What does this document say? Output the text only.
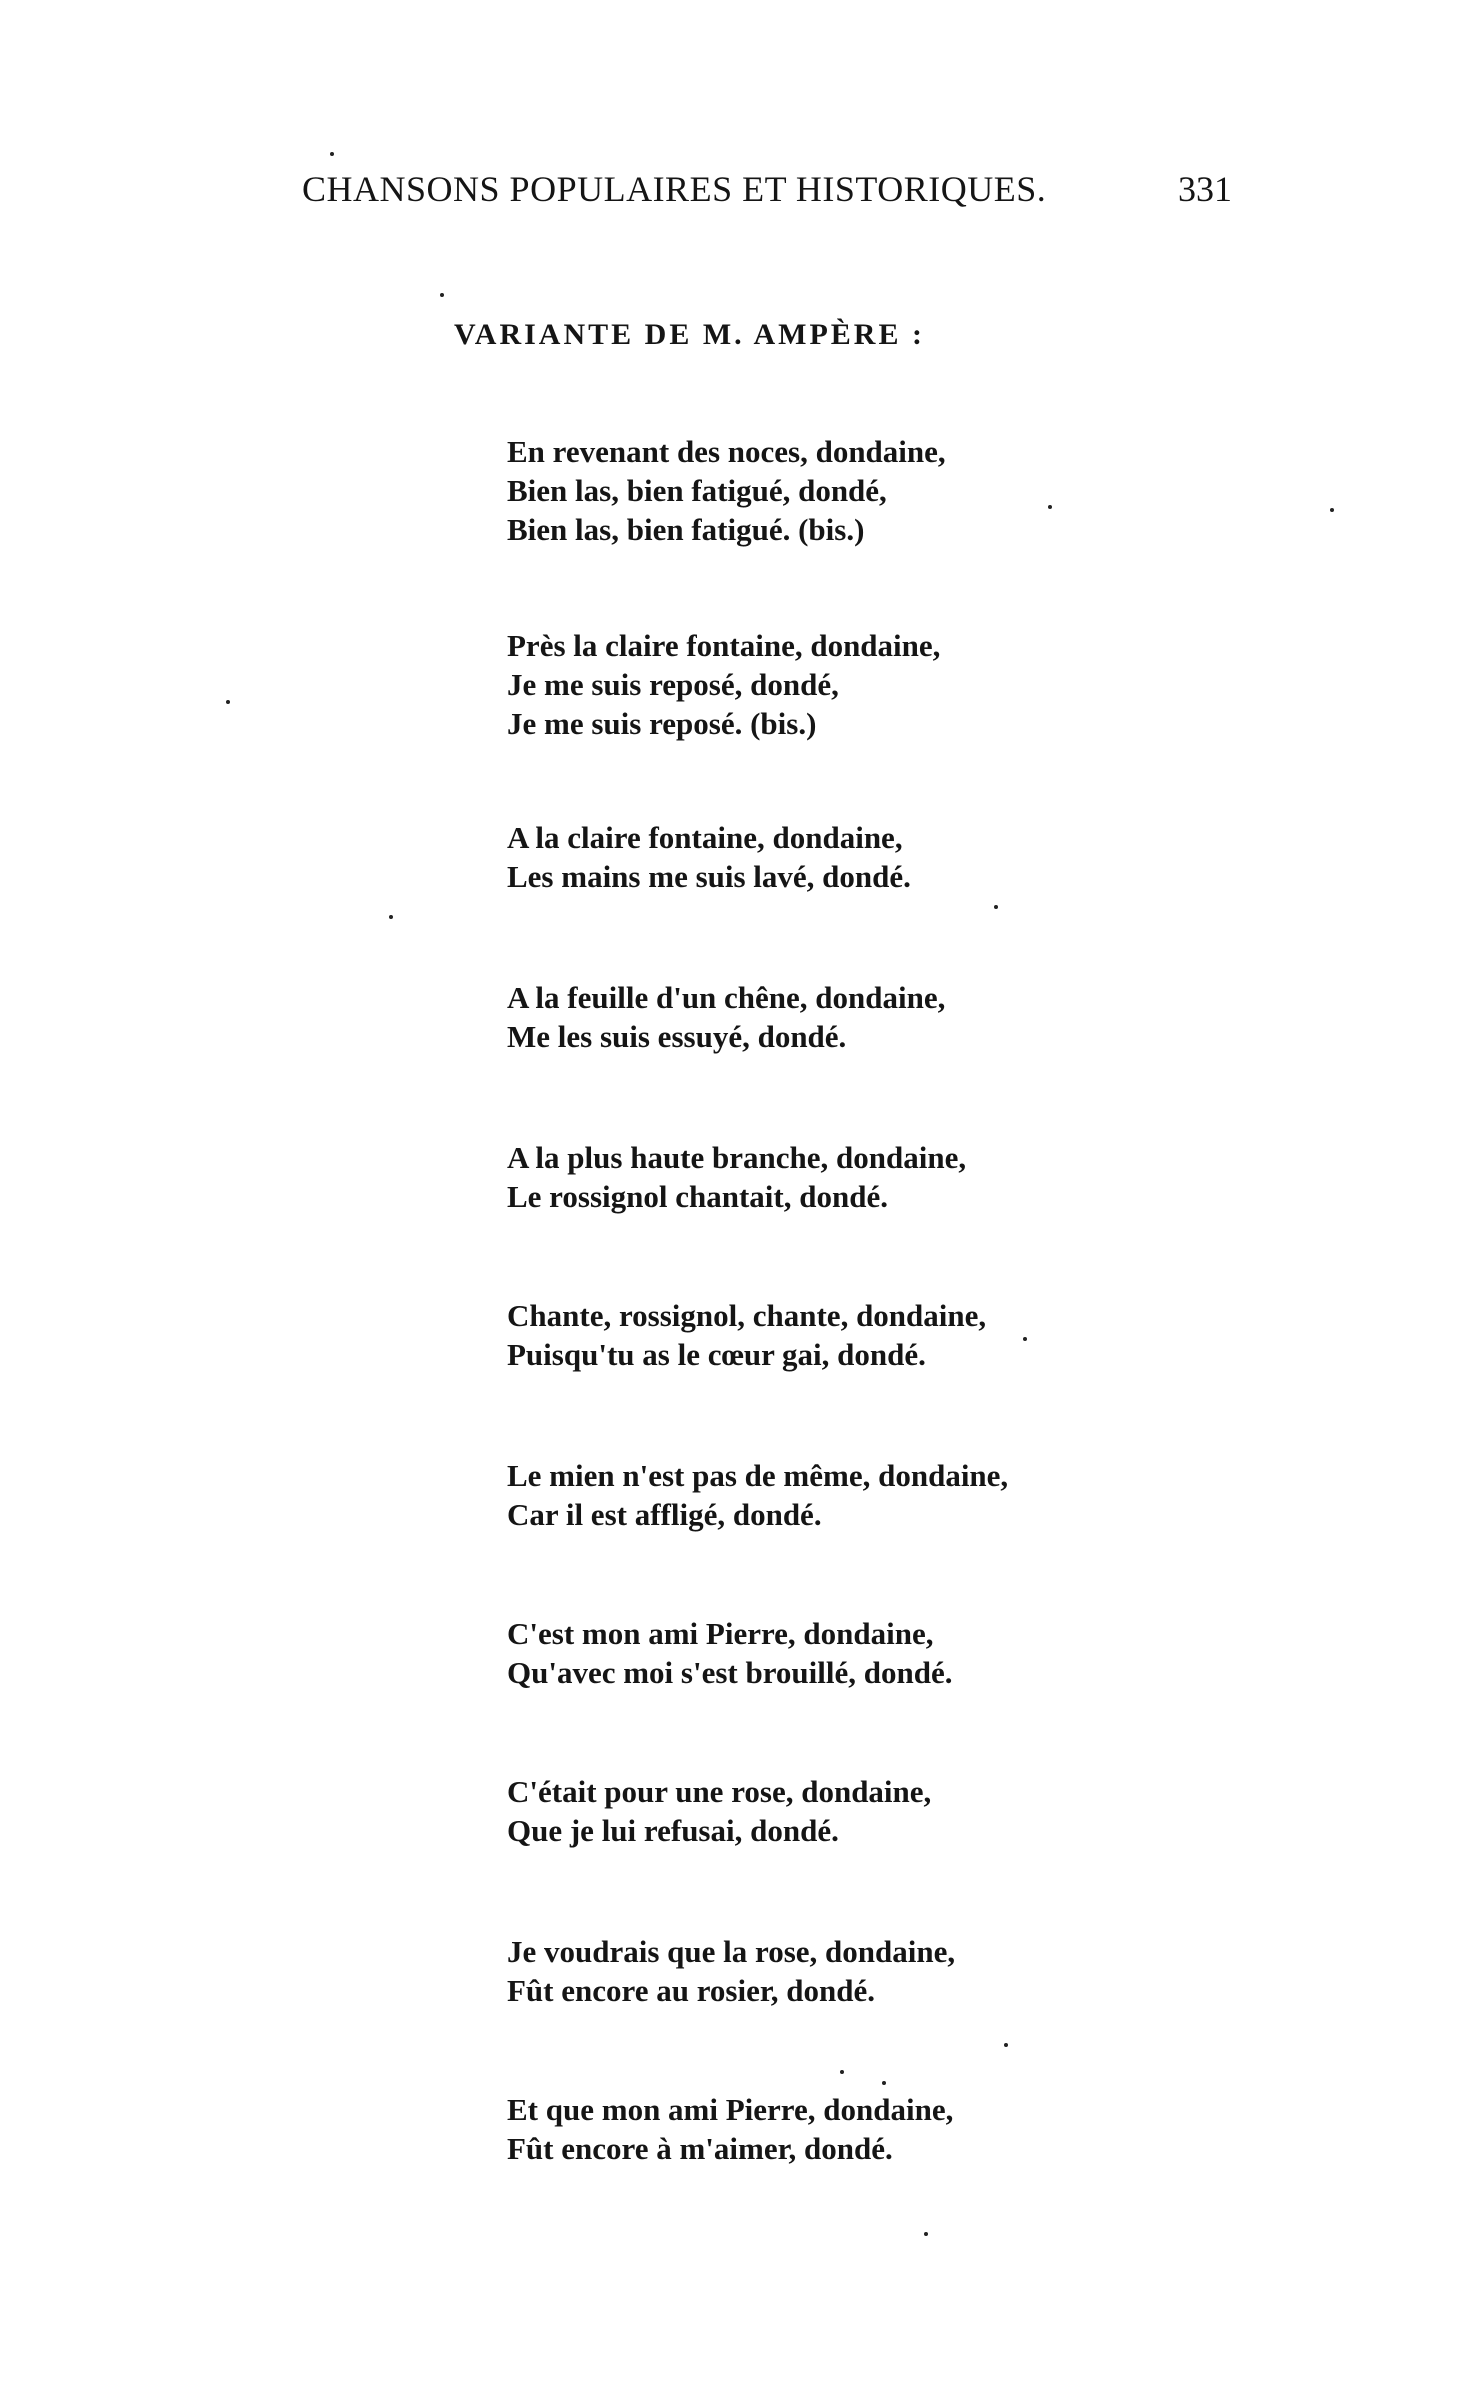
CHANSONS POPULAIRES ET HISTORIQUES.	331
VARIANTE DE M. AMPÈRE :
En revenant des noces, dondaine,
Bien las, bien fatigué, dondé,
Bien las, bien fatigué. (bis.)
Près la claire fontaine, dondaine,
Je me suis reposé, dondé,
Je me suis reposé. (bis.)
A la claire fontaine, dondaine,
Les mains me suis lavé, dondé.
A la feuille d'un chêne, dondaine,
Me les suis essuyé, dondé.
A la plus haute branche, dondaine,
Le rossignol chantait, dondé.
Chante, rossignol, chante, dondaine,
Puisqu'tu as le cœur gai, dondé.
Le mien n'est pas de même, dondaine,
Car il est affligé, dondé.
C'est mon ami Pierre, dondaine,
Qu'avec moi s'est brouillé, dondé.
C'était pour une rose, dondaine,
Que je lui refusai, dondé.
Je voudrais que la rose, dondaine,
Fût encore au rosier, dondé.
Et que mon ami Pierre, dondaine,
Fût encore à m'aimer, dondé.
